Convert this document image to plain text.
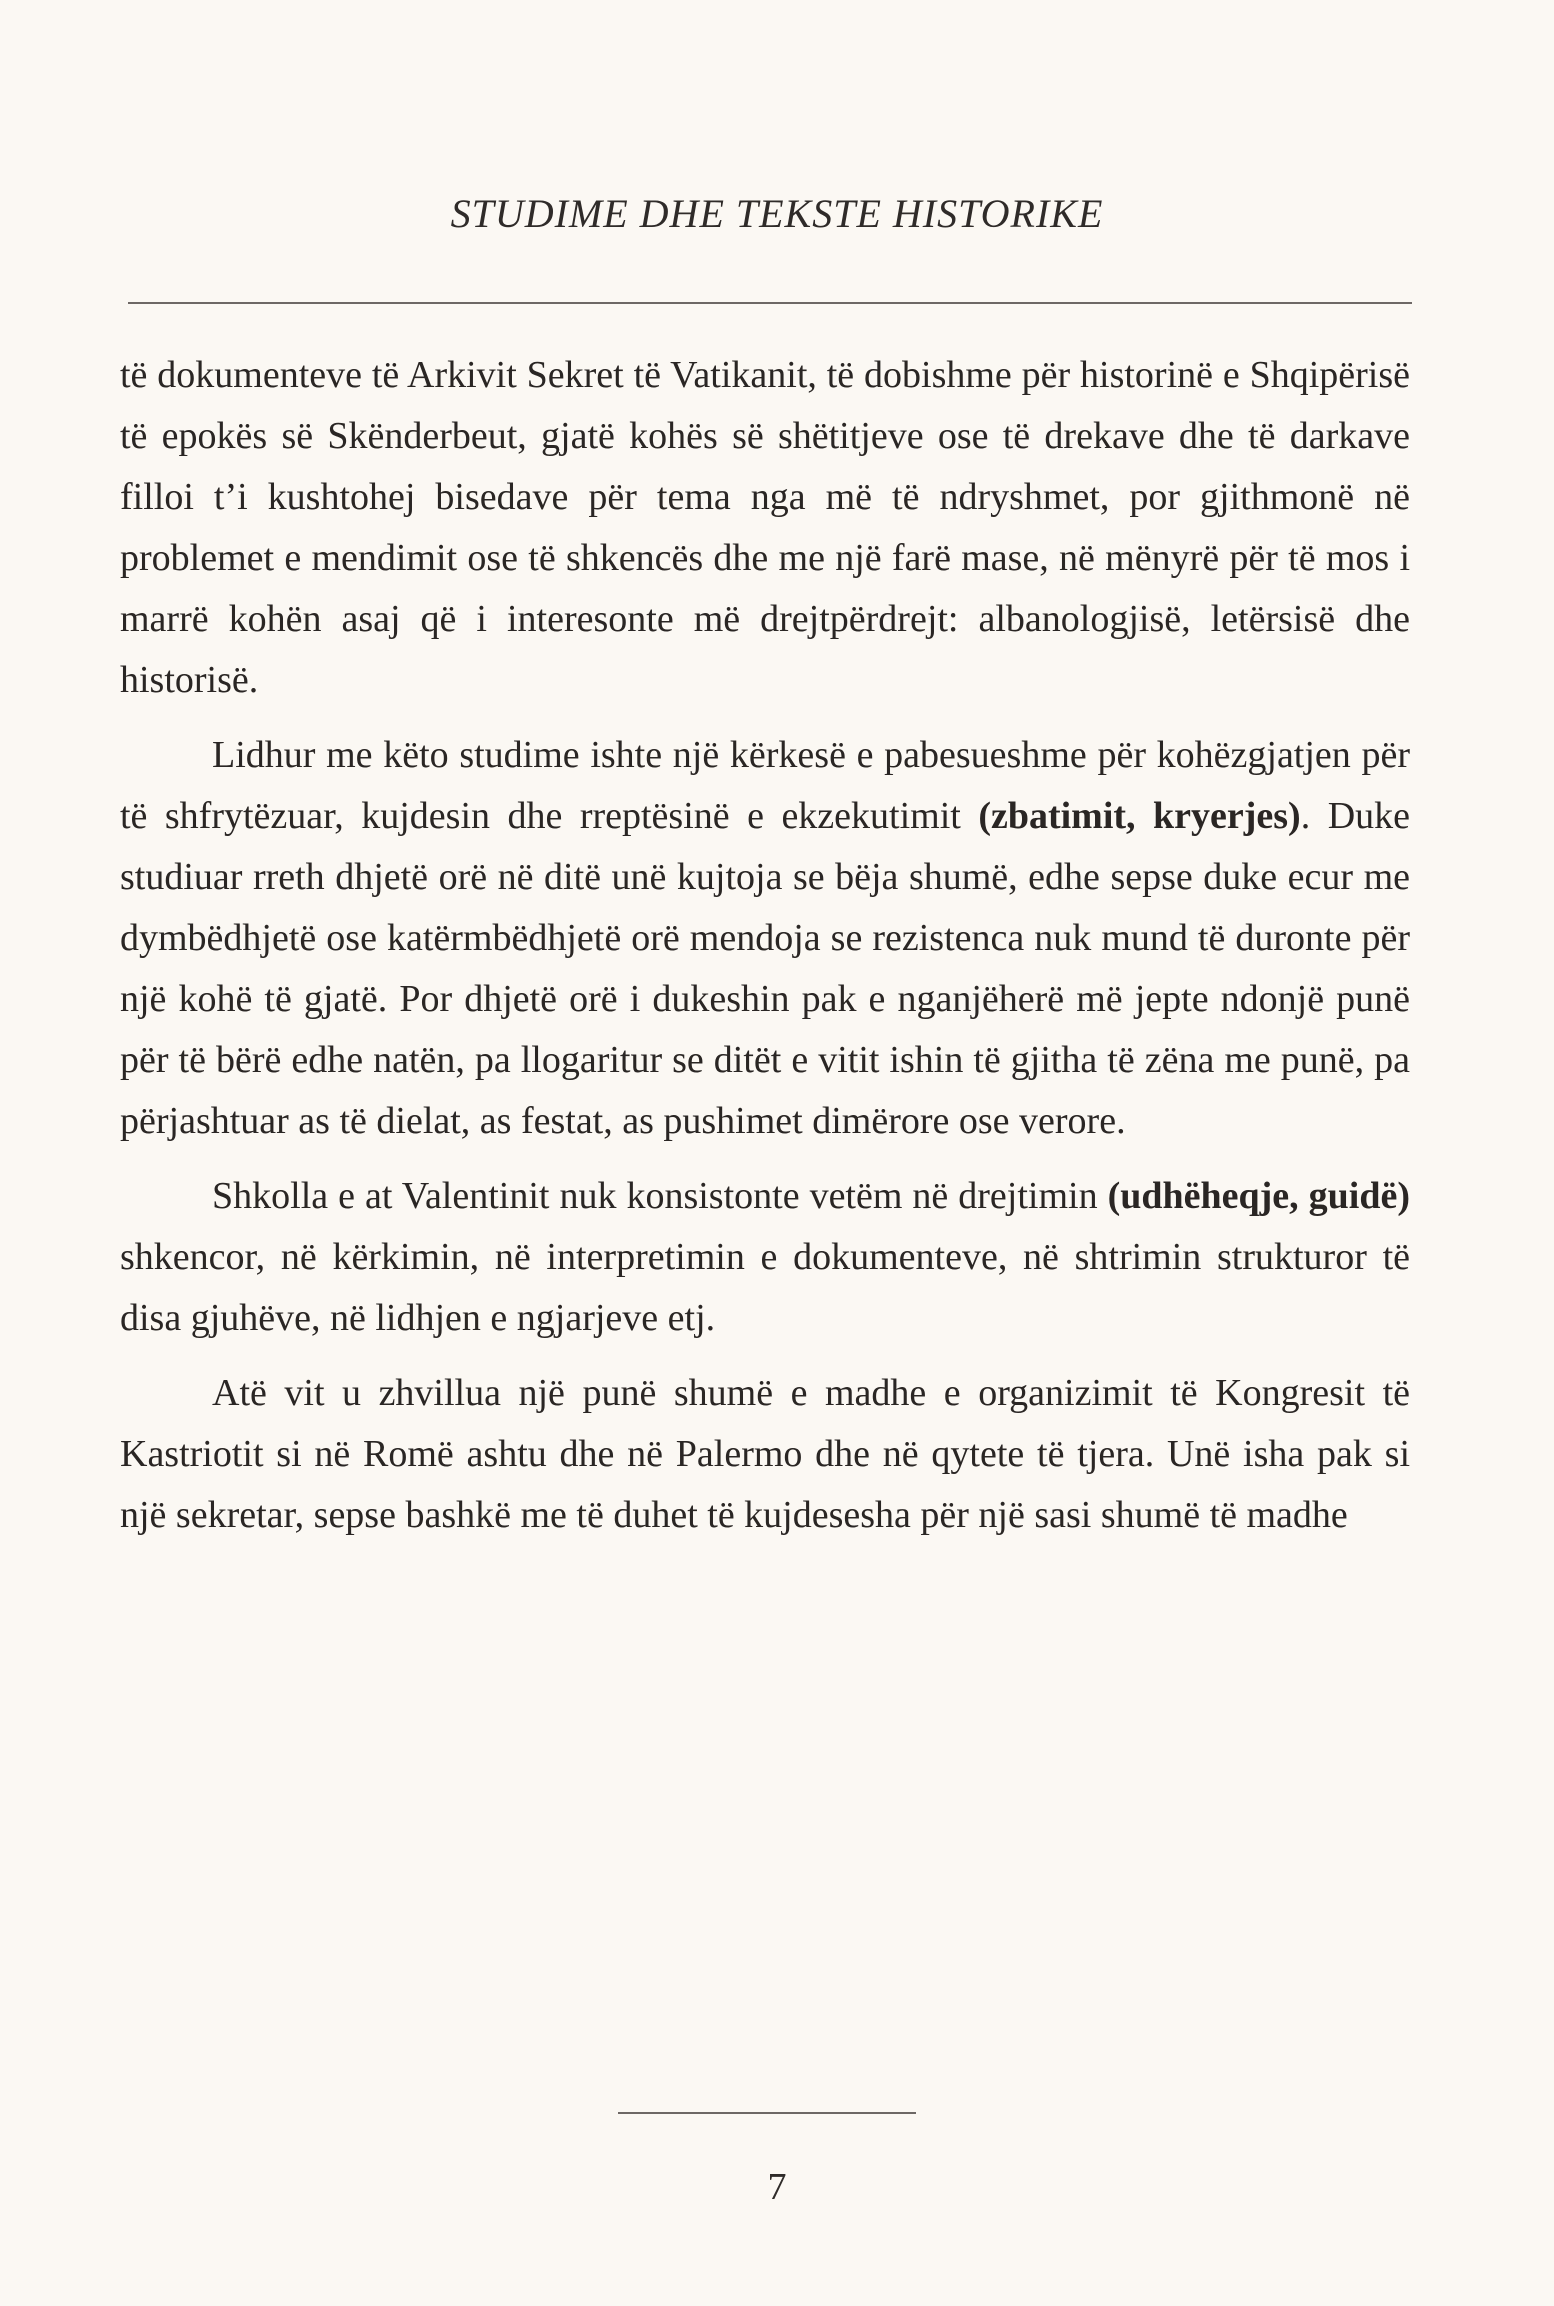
STUDIME DHE TEKSTE HISTORIKE

të dokumenteve të Arkivit Sekret të Vatikanit, të dobishme për historinë e Shqipërisë të epokës së Skënderbeut, gjatë kohës së shëtitjeve ose të drekave dhe të darkave filloi t’i kushtohej bisedave për tema nga më të ndryshmet, por gjithmonë në problemet e mendimit ose të shkencës dhe me një farë mase, në mënyrë për të mos i marrë kohën asaj që i interesonte më drejtpërdrejt: albanologjisë, letërsisë dhe historisë.

Lidhur me këto studime ishte një kërkesë e pabesueshme për kohëzgjatjen për të shfrytëzuar, kujdesin dhe rreptësinë e ekzekutimit (zbatimit, kryerjes). Duke studiuar rreth dhjetë orë në ditë unë kujtoja se bëja shumë, edhe sepse duke ecur me dymbëdhjetë ose katërmbëdhjetë orë mendoja se rezistenca nuk mund të duronte për një kohë të gjatë. Por dhjetë orë i dukeshin pak e nganjëherë më jepte ndonjë punë për të bërë edhe natën, pa llogaritur se ditët e vitit ishin të gjitha të zëna me punë, pa përjashtuar as të dielat, as festat, as pushimet dimërore ose verore.

Shkolla e at Valentinit nuk konsistonte vetëm në drejtimin (udhëheqje, guidë) shkencor, në kërkimin, në interpretimin e dokumenteve, në shtrimin strukturor të disa gjuhëve, në lidhjen e ngjarjeve etj.

Atë vit u zhvillua një punë shumë e madhe e organizimit të Kongresit të Kastriotit si në Romë ashtu dhe në Palermo dhe në qytete të tjera. Unë isha pak si një sekretar, sepse bashkë me të duhet të kujdesesha për një sasi shumë të madhe

7
